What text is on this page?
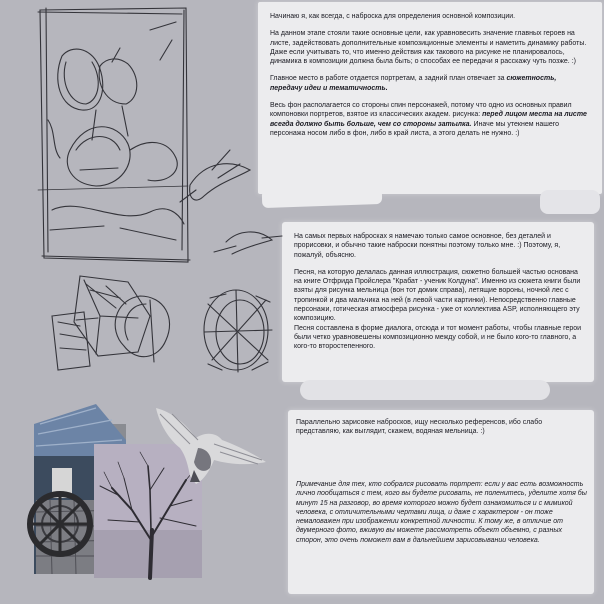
Начинаю я, как всегда, с наброска для определения основной композиции.

На данном этапе стояли такие основные цели, как уравновесить значение главных героев на листе, задействовать дополнительные композиционные элементы и наметить динамику работы. Даже если учитывать то, что именно действия как такового на рисунке не планировалось, динамика в композиции должна была быть; о способах ее передачи я расскажу чуть позже. :)

Главное место в работе отдается портретам, а задний план отвечает за сюжетность, передачу идеи и тематичность.

Весь фон располагается со стороны спин персонажей, потому что одно из основных правил компоновки портретов, взятое из классических академ. рисунка: перед лицом места на листе всегда должно быть больше, чем со стороны затылка. Иначе мы утекнем нашего персонажа носом либо в фон, либо в край листа, а этого делать не нужно. :)

На самых первых набросках я намечаю только самое основное, без деталей и прорисовки, и обычно такие наброски понятны поэтому только мне. :) Поэтому, я, пожалуй, объясню.

Песня, на которую делалась данная иллюстрация, сюжетно большей частью основана на книге Отфрида Пройслера "Крабат - ученик Колдуна". Именно из сюжета книги были взяты для рисунка мельница (вон тот домик справа), летящие вороны, ночной лес с тропинкой и два мальчика на ней (в левой части картинки). Непосредственно главные персонажи, готическая атмосфера рисунка - уже от коллектива ASP, исполняющего эту композицию.

Песня составлена в форме диалога, отсюда и тот момент работы, чтобы главные герои были четко уравновешены композиционно между собой, и не было кого-то главного, а кого-то второстепенного.

Параллельно зарисовке набросков, ищу несколько референсов, ибо слабо представляю, как выглядит, скажем, водяная мельница. :)

Примечание для тех, кто собрался рисовать портрет: если у вас есть возможность лично пообщаться с тем, кого вы будете рисовать, не поленитесь, уделите хотя бы минут 15 на разговор, во время которого можно будет ознакомиться и с мимикой человека, с отличительными чертами лица, и даже с характером - он тоже немаловажен при изображении конкретной личности. К тому же, в отличие от двумерного фото, вживую вы можете рассмотреть объект объемно, с разных сторон, это очень поможет вам в дальнейшем зарисовывании человека.
